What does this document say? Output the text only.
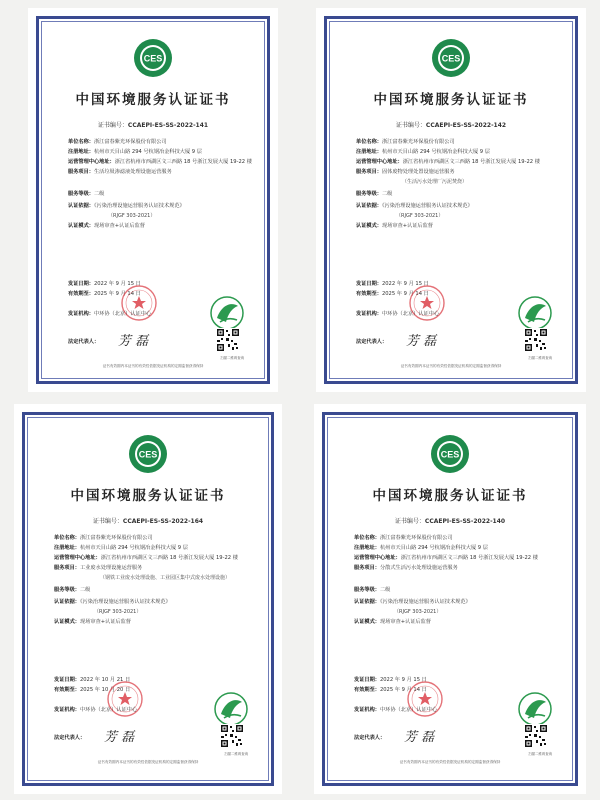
CES
中国环境服务认证证书
证书编号：CCAEPI-ES-SS-2022-141
单位名称：浙江富春紫光环保股份有限公司
注册地址：杭州市天目山路 294 号杭钢冶金科技大厦 9 层
运营管理中心地址：浙江省杭州市西湖区文三西路 18 号浙江发展大厦 19-22 楼
服务项目：生活垃圾渗滤液处理设施运营服务
服务等级：二级
认证依据：《污染治理设施运营服务认证技术规范》
（RJGF 303-2021）
认证模式：现场审查+认证后监督
发证日期：2022 年 9 月 15 日
有效期至：2025 年 9 月 14 日
发证机构：中环协（北京）认证中心
法定代表人：	芳 磊
扫描二维码查询
证书有效期内本证书的有效性依据发证机构的定期监督获得保持
CES
中国环境服务认证证书
证书编号：CCAEPI-ES-SS-2022-142
单位名称：浙江富春紫光环保股份有限公司
注册地址：杭州市天目山路 294 号杭钢冶金科技大厦 9 层
运营管理中心地址：浙江省杭州市西湖区文三西路 18 号浙江发展大厦 19-22 楼
服务项目：固体废物处理处置设施运营服务
（生活污水处理厂污泥焚烧）
服务等级：二级
认证依据：《污染治理设施运营服务认证技术规范》
（RJGF 303-2021）
认证模式：现场审查+认证后监督
发证日期：2022 年 9 月 15 日
有效期至：2025 年 9 月 14 日
发证机构：中环协（北京）认证中心
法定代表人：	芳 磊
扫描二维码查询
证书有效期内本证书的有效性依据发证机构的定期监督获得保持
CES
中国环境服务认证证书
证书编号：CCAEPI-ES-SS-2022-164
单位名称：浙江富春紫光环保股份有限公司
注册地址：杭州市天目山路 294 号杭钢冶金科技大厦 9 层
运营管理中心地址：浙江省杭州市西湖区文三西路 18 号浙江发展大厦 19-22 楼
服务项目：工业废水处理设施运营服务
（钢铁工业废水处理设施、工业园区集中式废水处理设施）
服务等级：二级
认证依据：《污染治理设施运营服务认证技术规范》
（RJGF 303-2021）
认证模式：现场审查+认证后监督
发证日期：2022 年 10 月 21 日
有效期至：2025 年 10 月 20 日
发证机构：中环协（北京）认证中心
法定代表人：	芳 磊
扫描二维码查询
证书有效期内本证书的有效性依据发证机构的定期监督获得保持
CES
中国环境服务认证证书
证书编号：CCAEPI-ES-SS-2022-140
单位名称：浙江富春紫光环保股份有限公司
注册地址：杭州市天目山路 294 号杭钢冶金科技大厦 9 层
运营管理中心地址：浙江省杭州市西湖区文三西路 18 号浙江发展大厦 19-22 楼
服务项目：分散式生活污水处理设施运营服务
服务等级：二级
认证依据：《污染治理设施运营服务认证技术规范》
（RJGF 303-2021）
认证模式：现场审查+认证后监督
发证日期：2022 年 9 月 15 日
有效期至：2025 年 9 月 14 日
发证机构：中环协（北京）认证中心
法定代表人：	芳 磊
扫描二维码查询
证书有效期内本证书的有效性依据发证机构的定期监督获得保持
